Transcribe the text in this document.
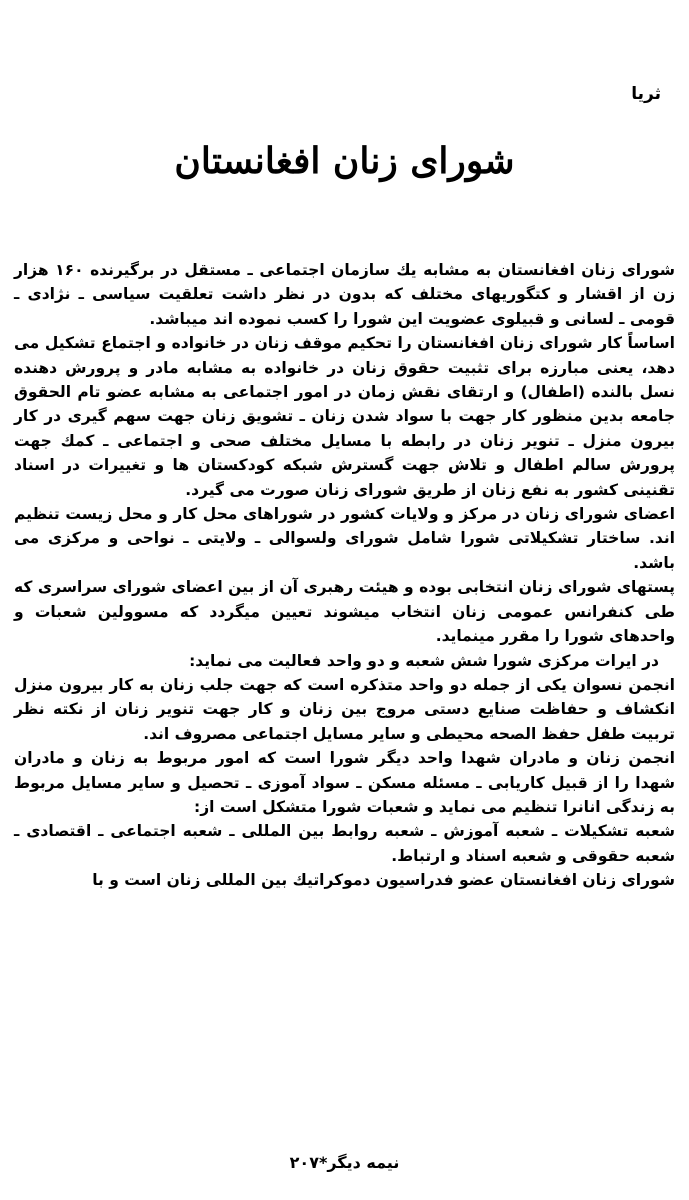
ثریا
شورای زنان افغانستان

شورای زنان افغانستان به مشابه یك سازمان اجتماعی ـ مستقل در برگیرنده ۱۶۰ هزار زن از اقشار و کتگوریهای مختلف که بدون در نظر داشت تعلقیت سیاسی ـ نژادی ـ قومی ـ لسانی و قبیلوی عضویت این شورا را کسب نموده اند میباشد.

اساساً کار شورای زنان افغانستان را تحکیم موقف زنان در خانواده و اجتماع تشکیل می دهد، یعنی مبارزه برای تثبیت حقوق زنان در خانواده به مشابه مادر و پرورش دهنده نسل بالنده (اطفال) و ارتقای نقش زمان در امور اجتماعی به مشابه عضو تام الحقوق جامعه بدین منظور کار جهت با سواد شدن زنان ـ تشویق زنان جهت سهم گیری در کار بیرون منزل ـ تنویر زنان در رابطه با مسایل مختلف صحی و اجتماعی ـ کمك جهت پرورش سالم اطفال و تلاش جهت گسترش شبکه کودکستان ها و تغییرات در اسناد تقنینی کشور به نفع زنان از طریق شورای زنان صورت می گیرد.

اعضای شورای زنان در مرکز و ولایات کشور در شوراهای محل کار و محل زیست تنظیم اند. ساختار تشکیلاتی شورا شامل شورای ولسوالی ـ ولایتی ـ نواحی و مرکزی می باشد.

پستهای شورای زنان انتخابی بوده و هیئت رهبری آن از بین اعضای شورای سراسری که طی کنفرانس عمومی زنان انتخاب میشوند تعیین میگردد که مسوولین شعبات و واحدهای شورا را مقرر مینماید.

در ایرات مرکزی شورا شش شعبه و دو واحد فعالیت می نماید:

انجمن نسوان یکی از جمله دو واحد متذکره است که جهت جلب زنان به کار بیرون منزل انکشاف و حفاظت صنایع دستی مروج بین زنان و کار جهت تنویر زنان از نکته نظر تربیت طفل حفظ الصحه محیطی و سایر مسایل اجتماعی مصروف اند.

انجمن زنان و مادران شهدا واحد دیگر شورا است که امور مربوط به زنان و مادران شهدا را از قبیل کاریابی ـ مسئله مسکن ـ سواد آموزی ـ تحصیل و سایر مسایل مربوط به زندگی انانرا تنظیم می نماید و شعبات شورا متشکل است از:

شعبه تشکیلات ـ شعبه آموزش ـ شعبه روابط بین المللی ـ شعبه اجتماعی ـ اقتصادی ـ شعبه حقوقی و شعبه اسناد و ارتباط.

شورای زنان افغانستان عضو فدراسیون دموکراتیك بین المللی زنان است و با

نیمه دیگر*۲۰۷
